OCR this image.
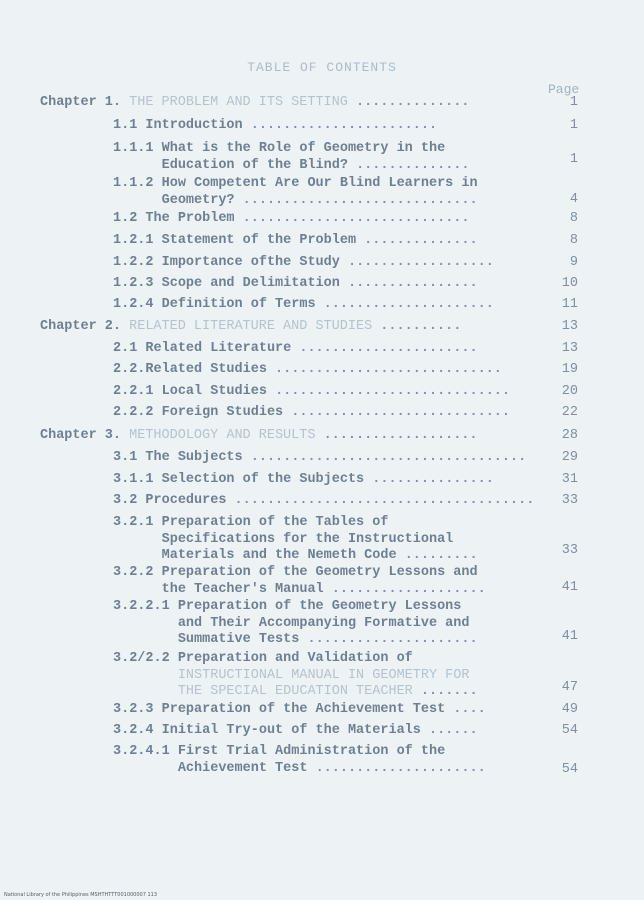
TABLE OF CONTENTS
Page
Chapter 1. THE PROBLEM AND ITS SETTING ..............	1
1.1 Introduction .......................	1
1.1.1 What is the Role of Geometry in the
Education of the Blind? ..............	1
1.1.2 How Competent Are Our Blind Learners in
Geometry? .............................	4
1.2 The Problem ............................	8
1.2.1 Statement of the Problem ..............	8
1.2.2 Importance ofthe Study ..................	9
1.2.3 Scope and Delimitation ................	10
1.2.4 Definition of Terms .....................	11
Chapter 2. RELATED LITERATURE AND STUDIES ..........	13
2.1 Related Literature ......................	13
2.2.Related Studies ............................	19
2.2.1 Local Studies .............................	20
2.2.2 Foreign Studies ...........................	22
Chapter 3. METHODOLOGY AND RESULTS ...................	28
3.1 The Subjects ..................................	29
3.1.1 Selection of the Subjects ...............	31
3.2 Procedures .....................................	33
3.2.1 Preparation of the Tables of
Specifications for the Instructional
Materials and the Nemeth Code .........	33
3.2.2 Preparation of the Geometry Lessons and
the Teacher's Manual ...................	41
3.2.2.1 Preparation of the Geometry Lessons
and Their Accompanying Formative and
Summative Tests .....................	41
3.2/2.2 Preparation and Validation of
INSTRUCTIONAL MANUAL IN GEOMETRY FOR
THE SPECIAL EDUCATION TEACHER .......	47
3.2.3 Preparation of the Achievement Test ....	49
3.2.4 Initial Try-out of the Materials ......	54
3.2.4.1 First Trial Administration of the
Achievement Test .....................	54
National Library of the Philippines MSHTHTTT001000007 113
